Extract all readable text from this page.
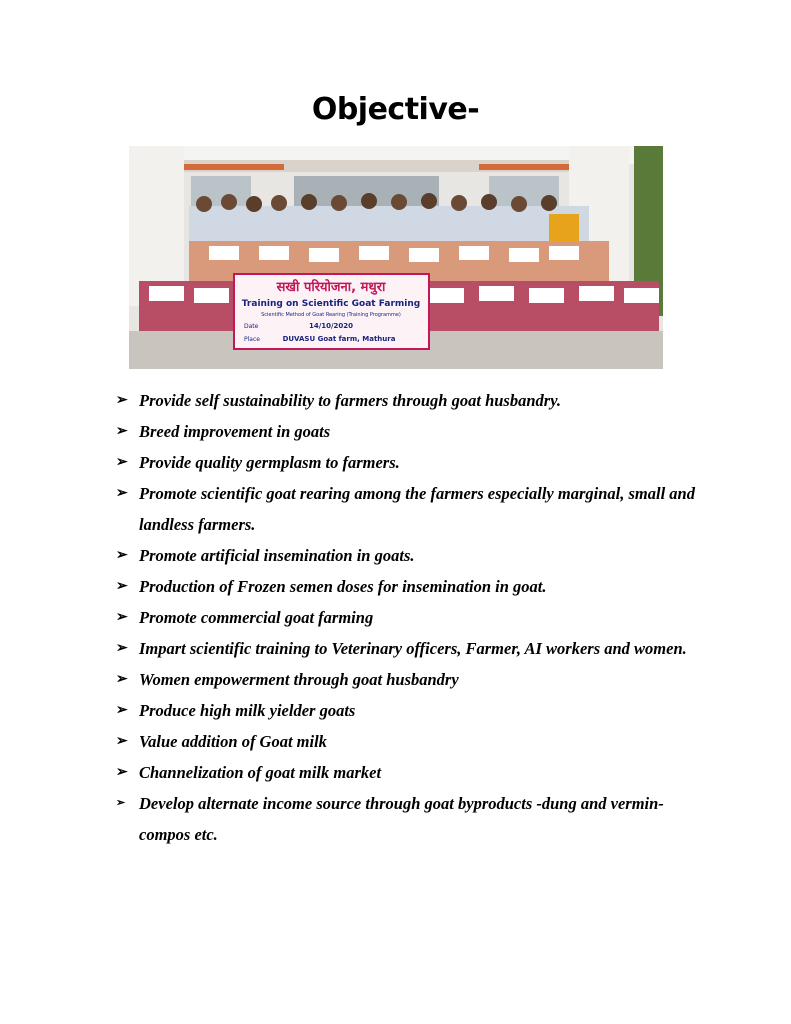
Objective-
सखी परियोजना, मथुरा
Training on Scientific Goat Farming
Scientific Method of Goat Rearing (Training Programme)
Date	14/10/2020
Place	DUVASU Goat farm, Mathura
➢ Provide self sustainability to farmers through goat husbandry.
➢ Breed improvement in goats
➢ Provide quality germplasm to farmers.
➢ Promote scientific goat rearing among the farmers especially marginal, small and landless farmers.
➢ Promote artificial insemination in goats.
➢ Production of Frozen semen doses for insemination in goat.
➢ Promote commercial goat farming
➢ Impart scientific training to Veterinary officers, Farmer, AI workers and women.
➢ Women empowerment through goat husbandry
➢ Produce high milk yielder goats
➢ Value addition of Goat milk
➢ Channelization of goat milk market
➢ Develop alternate income source through goat byproducts -dung and vermin-compos etc.
